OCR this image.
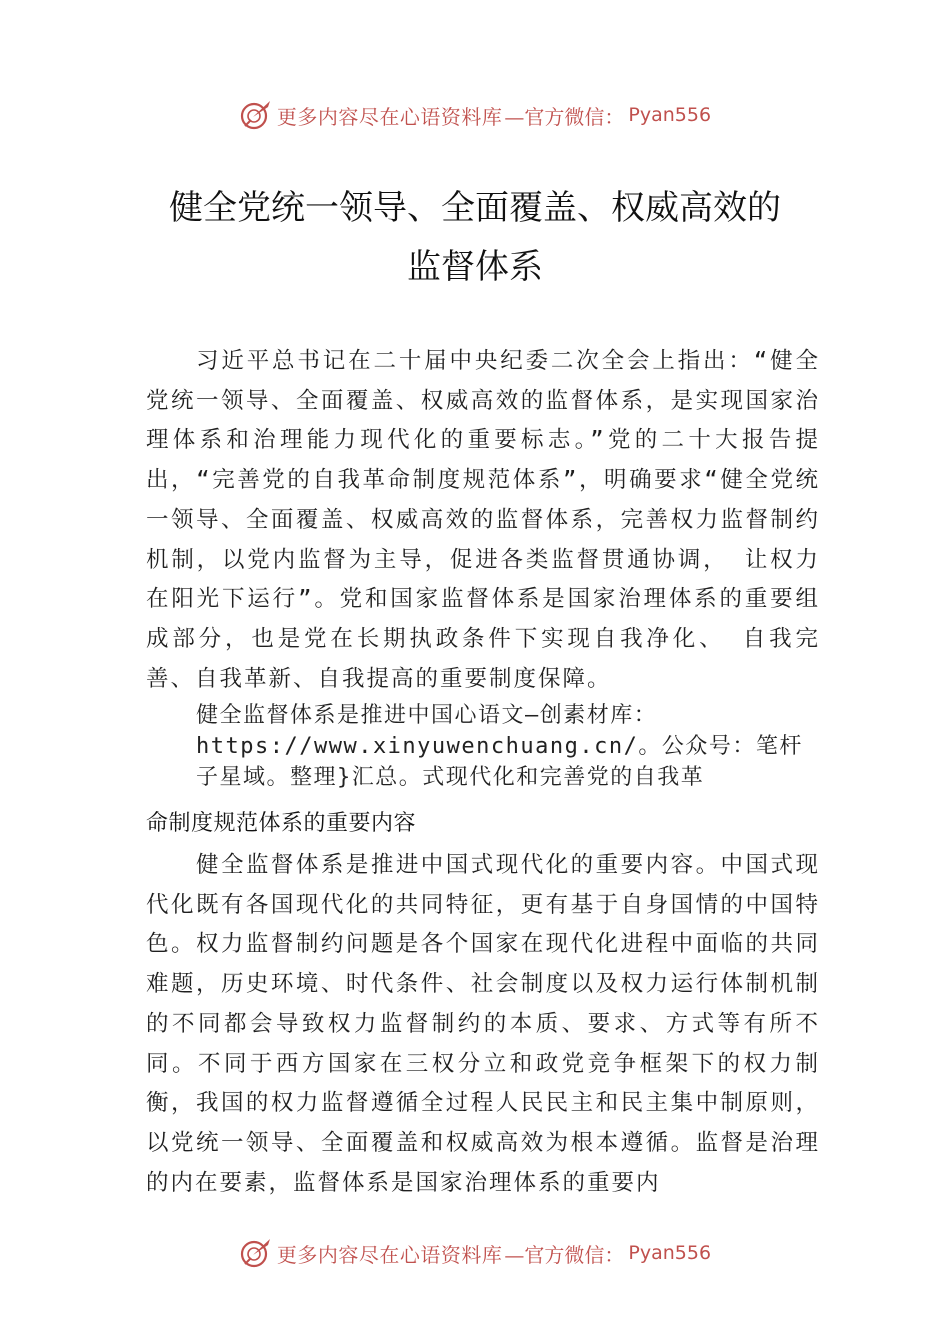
更多内容尽在心语资料库 —官方微信： Pyan556
健全党统一领导、全面覆盖、权威高效的
监督体系
习近平总书记在二十届中央纪委二次全会上指出：“健全党统一领导、全面覆盖、权威高效的监督体系，是实现国家治理体系和治理能力现代化的重要标志。”党的二十大报告提出，“完善党的自我革命制度规范体系”，明确要求“健全党统一领导、全面覆盖、权威高效的监督体系，完善权力监督制约机制，以党内监督为主导，促进各类监督贯通协调， 让权力在阳光下运行”。党和国家监督体系是国家治理体系的重要组成部分，也是党在长期执政条件下实现自我净化、 自我完善、自我革新、自我提高的重要制度保障。
健全监督体系是推进中国心语文—创素材库：https://www.xinyuwenchuang.cn/。公众号：笔杆子星域。整理}汇总。式现代化和完善党的自我革
命制度规范体系的重要内容
健全监督体系是推进中国式现代化的重要内容。中国式现代化既有各国现代化的共同特征，更有基于自身国情的中国特色。权力监督制约问题是各个国家在现代化进程中面临的共同难题，历史环境、时代条件、社会制度以及权力运行体制机制的不同都会导致权力监督制约的本质、要求、方式等有所不同。不同于西方国家在三权分立和政党竞争框架下的权力制衡，我国的权力监督遵循全过程人民民主和民主集中制原则，以党统一领导、全面覆盖和权威高效为根本遵循。监督是治理的内在要素，监督体系是国家治理体系的重要内
更多内容尽在心语资料库 —官方微信： Pyan556
